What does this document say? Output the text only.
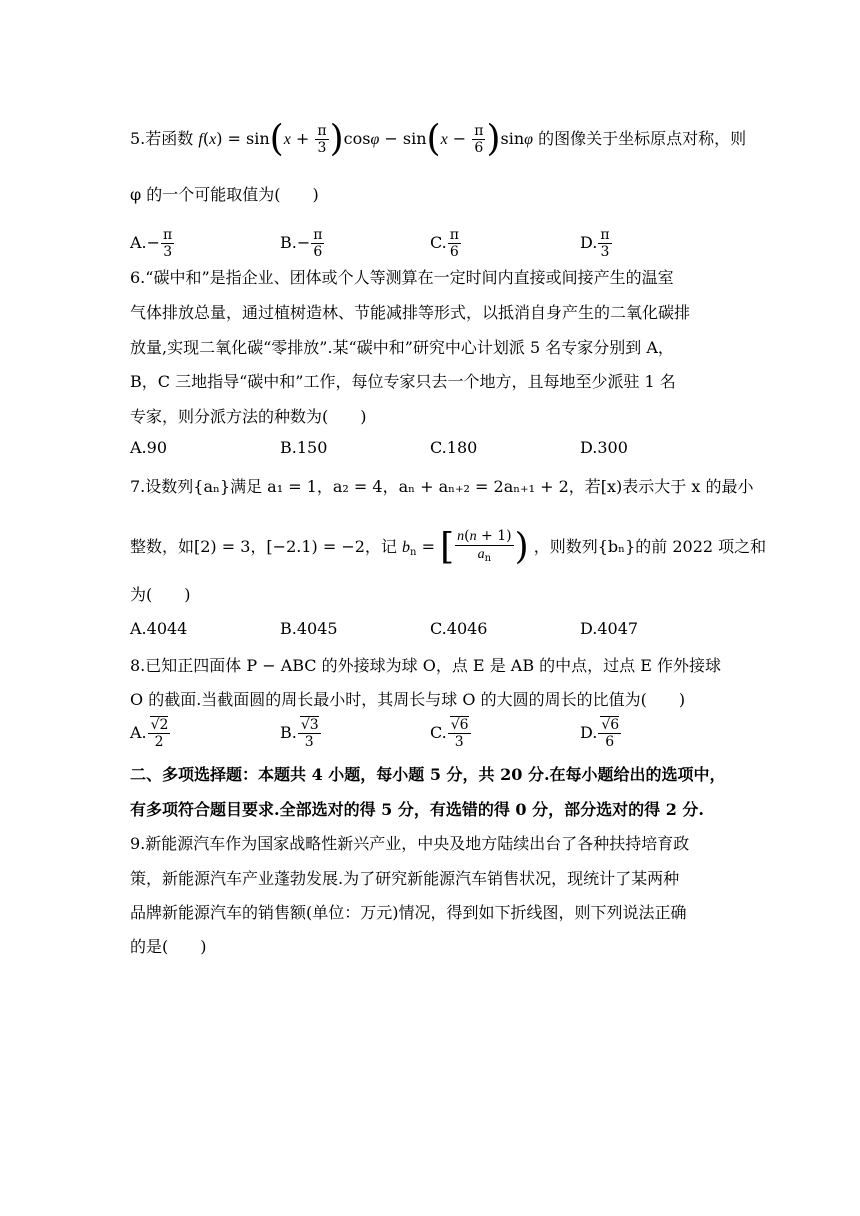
5.若函数 $f(x) = \sin(x + \frac{\pi}{3} )\cos\varphi - \sin(x - \frac{\pi}{6} )\sin\varphi$ 的图像关于坐标原点对称，则
φ 的一个可能取值为(　　)
$A.- \frac{\pi}{3}$	$B.- \frac{\pi}{6}$	C. $\frac{\pi}{6}$	D. $\frac{\pi}{3}$
6.“碳中和”是指企业、团体或个人等测算在一定时间内直接或间接产生的温室
气体排放总量，通过植树造林、节能减排等形式，以抵消自身产生的二氧化碳排
放量,实现二氧化碳“零排放”.某“碳中和”研究中心计划派 5 名专家分别到 A，
B，C 三地指导“碳中和”工作，每位专家只去一个地方，且每地至少派驻 1 名
专家，则分派方法的种数为(　　)
A.90	B.150	C.180	D.300
7.设数列{aₙ}满足 a₁ = 1，a₂ = 4，aₙ + aₙ₊₂ = 2aₙ₊₁ + 2，若[x)表示大于 x 的最小
整数，如[2) = 3，[−2.1) = −2，记 $b_n$ = [ $\frac{n(n + 1)}{a_n}$ ) ，则数列{bₙ}的前 2022 项之和
为(　　)
A.4044	B.4045	C.4046	D.4047
8.已知正四面体 P − ABC 的外接球为球 O，点 E 是 AB 的中点，过点 E 作外接球
O 的截面.当截面圆的周长最小时，其周长与球 O 的大圆的周长的比值为(　　)
A. $\frac{√2}{2}$	B. $\frac{√3}{3}$	C. $\frac{√6}{3}$	D. $\frac{√6}{6}$
二、多项选择题：本题共 4 小题，每小题 5 分，共 20 分.在每小题给出的选项中，
有多项符合题目要求.全部选对的得 5 分，有选错的得 0 分，部分选对的得 2 分.
9.新能源汽车作为国家战略性新兴产业，中央及地方陆续出台了各种扶持培育政
策，新能源汽车产业蓬勃发展.为了研究新能源汽车销售状况，现统计了某两种
品牌新能源汽车的销售额(单位：万元)情况，得到如下折线图，则下列说法正确
的是(　　)
